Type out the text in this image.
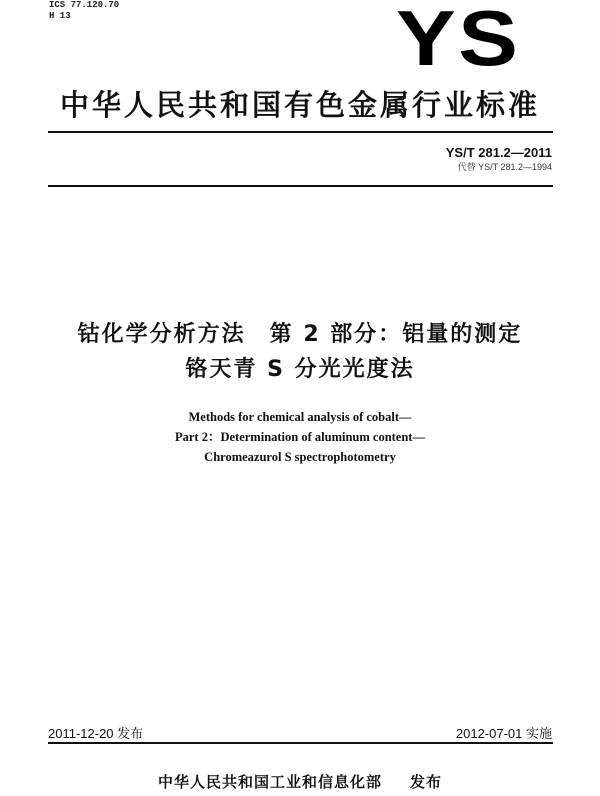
ICS 77.120.70
H 13	YS
中华人民共和国有色金属行业标准
YS/T 281.2—2011
代替 YS/T 281.2—1994
钴化学分析方法　第 2 部分：铝量的测定
铬天青 S 分光光度法
Methods for chemical analysis of cobalt—
Part 2：Determination of aluminum content—
Chromeazurol S spectrophotometry
2011-12-20 发布	2012-07-01 实施
中华人民共和国工业和信息化部 发布
